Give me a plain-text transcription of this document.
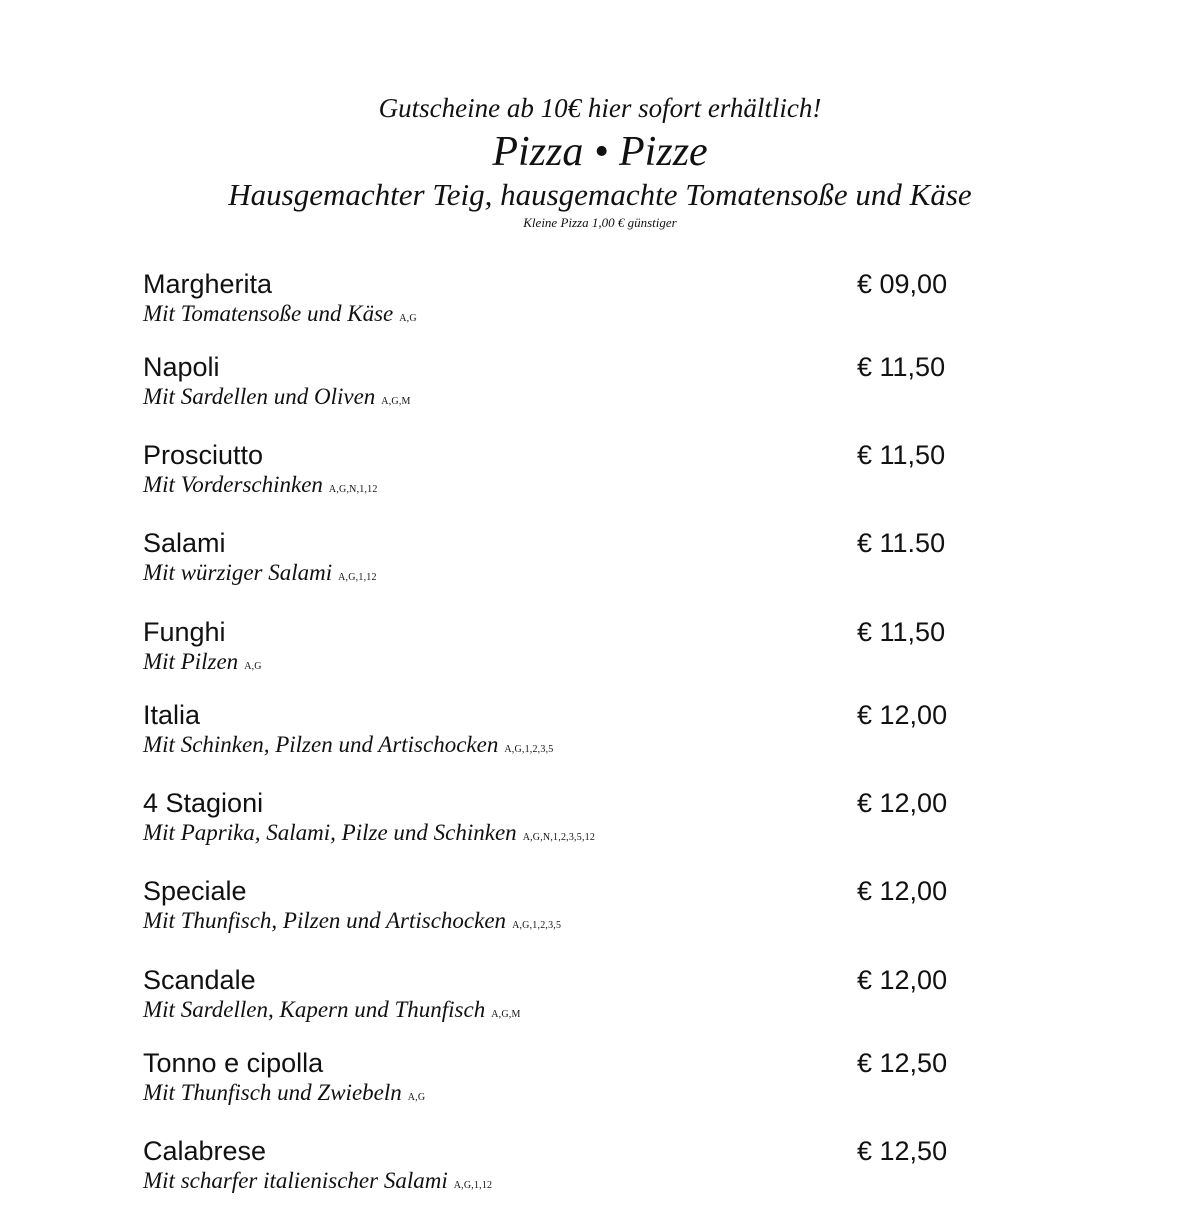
Gutscheine ab 10€ hier sofort erhältlich!
Pizza • Pizze
Hausgemachter Teig, hausgemachte Tomatensoße und Käse
Kleine Pizza 1,00 € günstiger
Margherita	€ 09,00
Mit Tomatensoße und Käse A,G
Napoli	€ 11,50
Mit Sardellen und Oliven A,G,M
Prosciutto	€ 11,50
Mit Vorderschinken A,G,N,1,12
Salami	€ 11.50
Mit würziger Salami A,G,1,12
Funghi	€ 11,50
Mit Pilzen A,G
Italia	€ 12,00
Mit Schinken, Pilzen und Artischocken A,G,1,2,3,5
4 Stagioni	€ 12,00
Mit Paprika, Salami, Pilze und Schinken A,G,N,1,2,3,5,12
Speciale	€ 12,00
Mit Thunfisch, Pilzen und Artischocken A,G,1,2,3,5
Scandale	€ 12,00
Mit Sardellen, Kapern und Thunfisch A,G,M
Tonno e cipolla	€ 12,50
Mit Thunfisch und Zwiebeln A,G
Calabrese	€ 12,50
Mit scharfer italienischer Salami A,G,1,12
